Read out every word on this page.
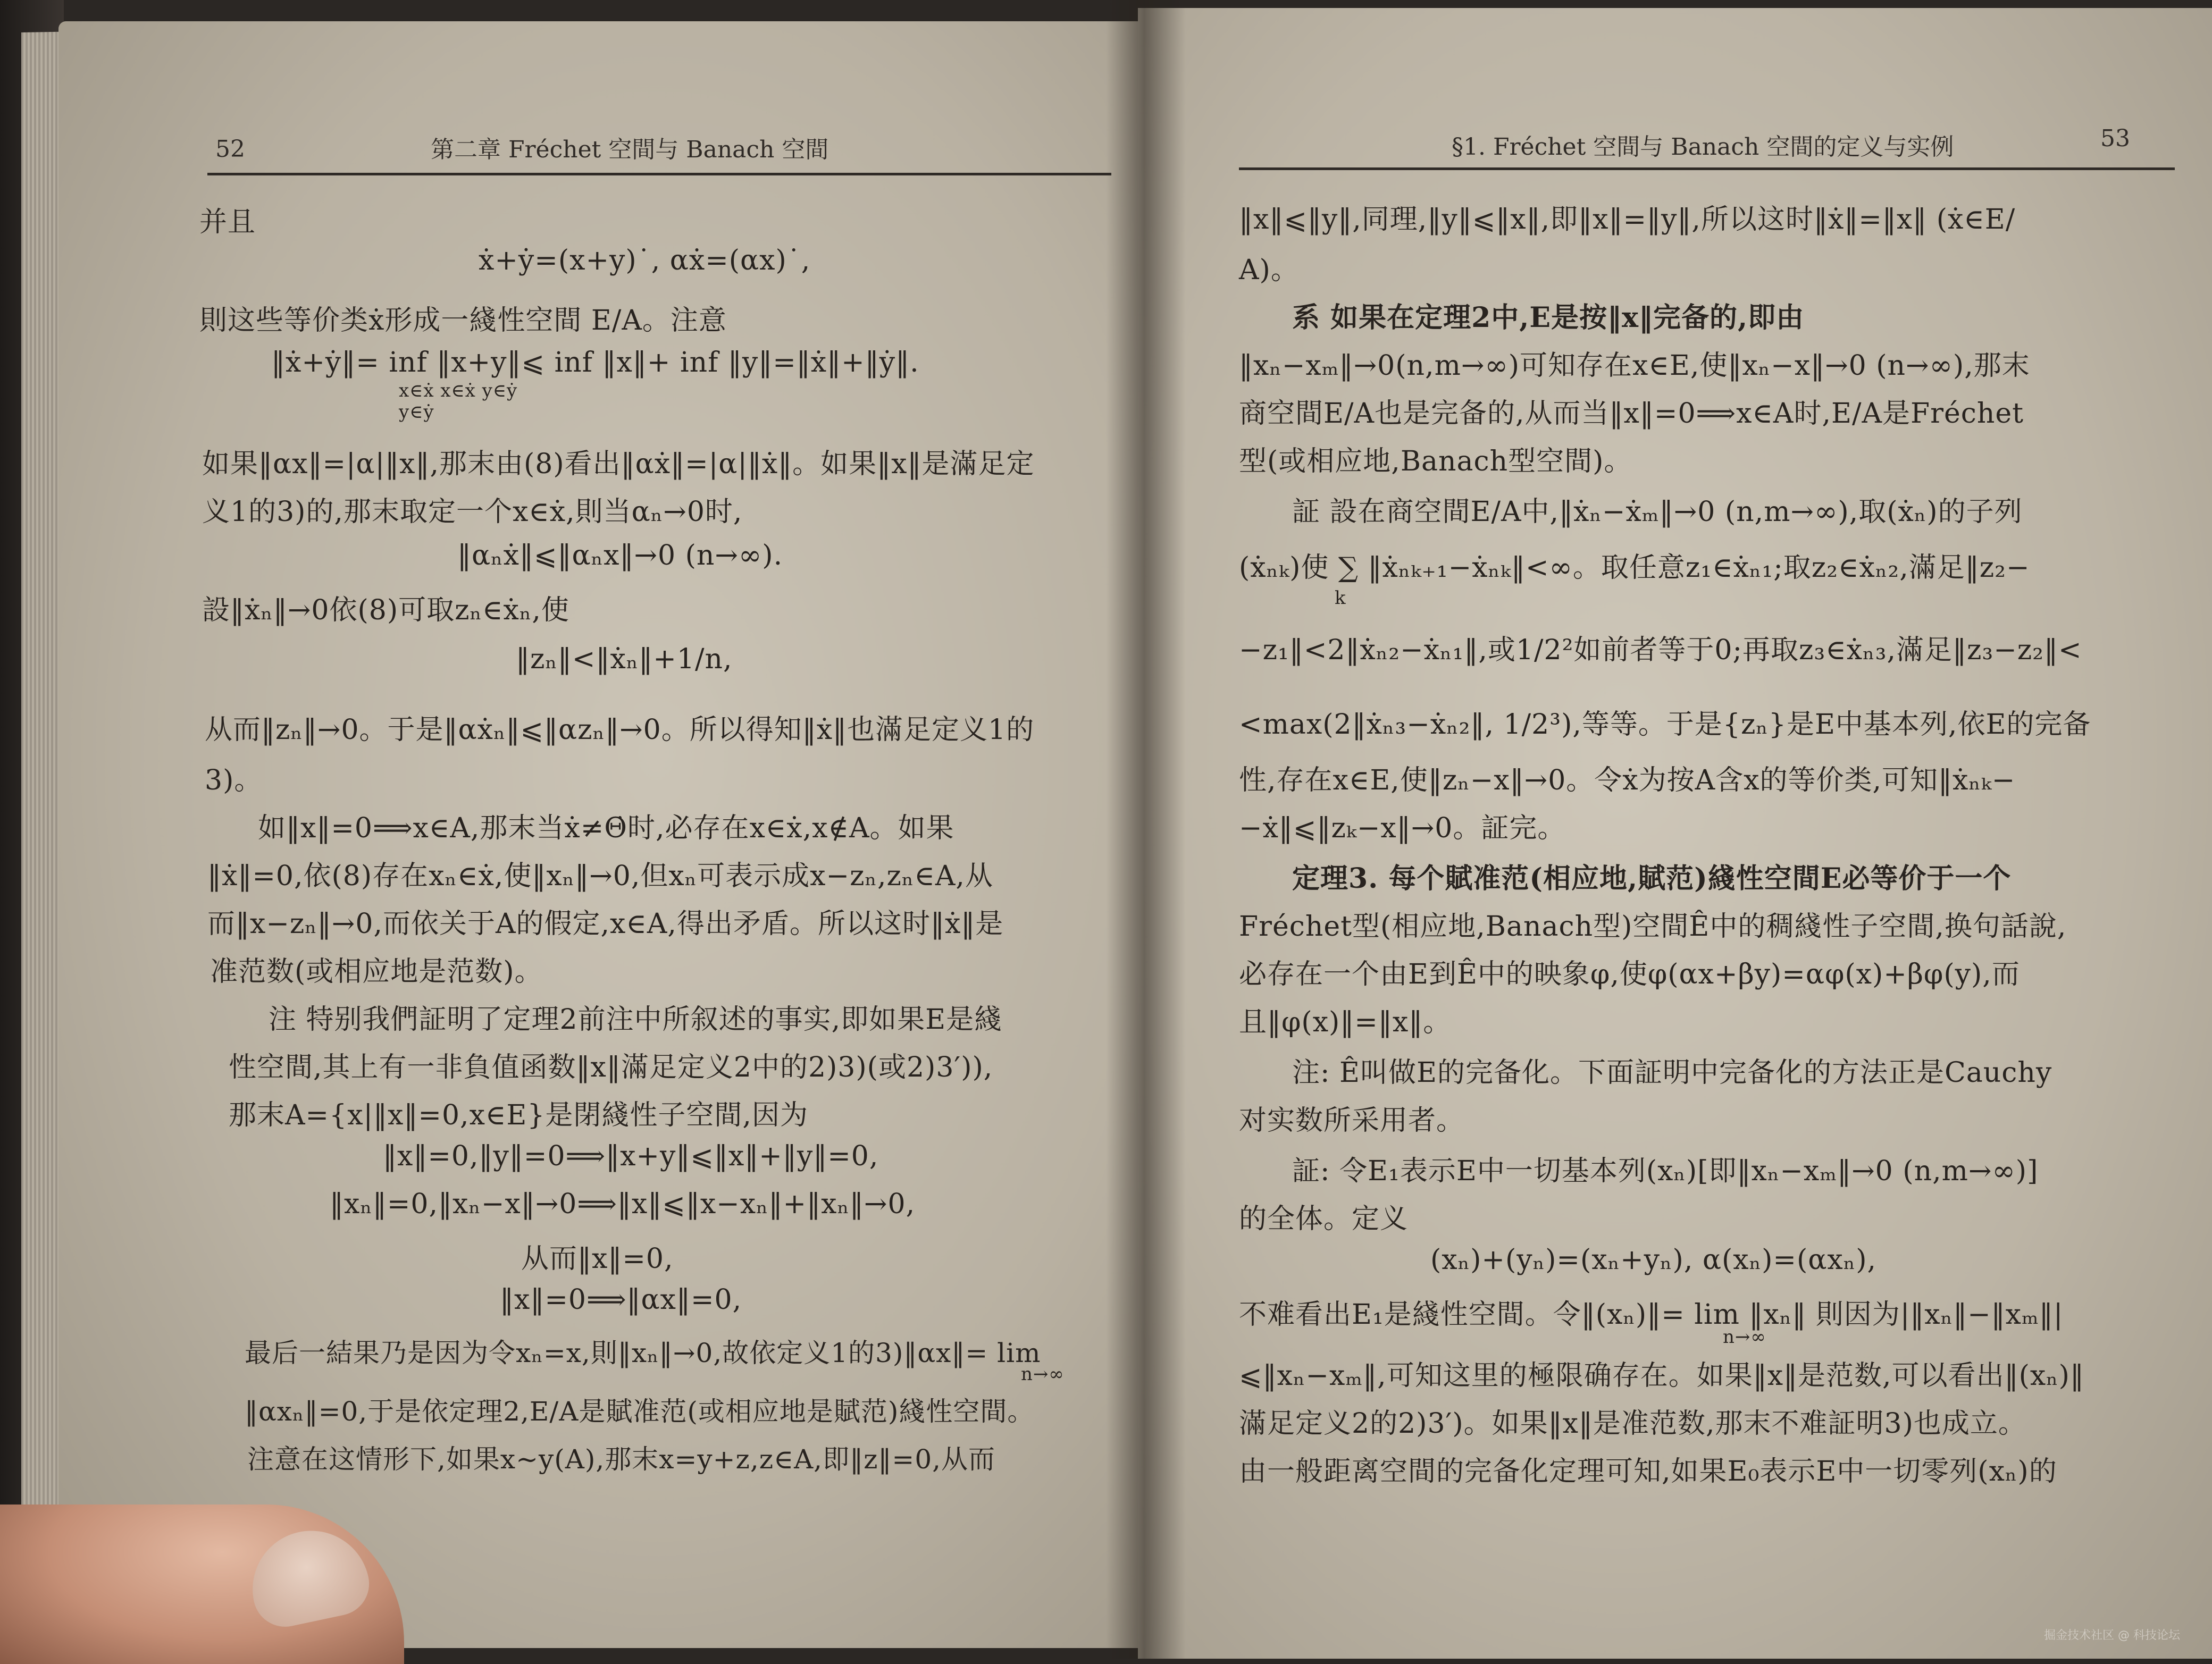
52	第二章 Fréchet 空間与 Banach 空間
并且
ẋ+ẏ=(x+y)˙, αẋ=(αx)˙,
則这些等价类ẋ形成一綫性空間 E/A。注意
‖ẋ+ẏ‖= inf ‖x+y‖⩽ inf ‖x‖+ inf ‖y‖=‖ẋ‖+‖ẏ‖.
x∈ẋ x∈ẋ y∈ẏ
y∈ẏ
如果‖αx‖=|α|‖x‖,那末由(8)看出‖αẋ‖=|α|‖ẋ‖。如果‖x‖是滿足定
义1的3)的,那末取定一个x∈ẋ,則当αₙ→0时,
‖αₙẋ‖⩽‖αₙx‖→0 (n→∞).
設‖ẋₙ‖→0依(8)可取zₙ∈ẋₙ,使
‖zₙ‖<‖ẋₙ‖+1/n,
从而‖zₙ‖→0。于是‖αẋₙ‖⩽‖αzₙ‖→0。所以得知‖ẋ‖也滿足定义1的
3)。
如‖x‖=0⟹x∈A,那末当ẋ≠Θ̇时,必存在x∈ẋ,x∉A。如果
‖ẋ‖=0,依(8)存在xₙ∈ẋ,使‖xₙ‖→0,但xₙ可表示成x−zₙ,zₙ∈A,从
而‖x−zₙ‖→0,而依关于A的假定,x∈A,得出矛盾。所以这时‖ẋ‖是
准范数(或相应地是范数)。
注 特别我們証明了定理2前注中所叙述的事实,即如果E是綫
性空間,其上有一非負值函数‖x‖滿足定义2中的2)3)(或2)3′)),
那末A={x|‖x‖=0,x∈E}是閉綫性子空間,因为
‖x‖=0,‖y‖=0⟹‖x+y‖⩽‖x‖+‖y‖=0,
‖xₙ‖=0,‖xₙ−x‖→0⟹‖x‖⩽‖x−xₙ‖+‖xₙ‖→0,
从而‖x‖=0,
‖x‖=0⟹‖αx‖=0,
最后一結果乃是因为令xₙ=x,則‖xₙ‖→0,故依定义1的3)‖αx‖= lim
n→∞
‖αxₙ‖=0,于是依定理2,E/A是賦准范(或相应地是賦范)綫性空間。
注意在这情形下,如果x∼y(A),那末x=y+z,z∈A,即‖z‖=0,从而
§1. Fréchet 空間与 Banach 空間的定义与实例	53
‖x‖⩽‖y‖,同理,‖y‖⩽‖x‖,即‖x‖=‖y‖,所以这时‖ẋ‖=‖x‖ (ẋ∈E/
A)。
系 如果在定理2中,E是按‖x‖完备的,即由
‖xₙ−xₘ‖→0(n,m→∞)可知存在x∈E,使‖xₙ−x‖→0 (n→∞),那末
商空間E/A也是完备的,从而当‖x‖=0⟹x∈A时,E/A是Fréchet
型(或相应地,Banach型空間)。
証 設在商空間E/A中,‖ẋₙ−ẋₘ‖→0 (n,m→∞),取(ẋₙ)的子列
(ẋₙₖ)使 ∑ ‖ẋₙₖ₊₁−ẋₙₖ‖<∞。取任意z₁∈ẋₙ₁;取z₂∈ẋₙ₂,滿足‖z₂−
k
−z₁‖<2‖ẋₙ₂−ẋₙ₁‖,或1/2²如前者等于0;再取z₃∈ẋₙ₃,滿足‖z₃−z₂‖<
<max(2‖ẋₙ₃−ẋₙ₂‖, 1/2³),等等。于是{zₙ}是E中基本列,依E的完备
性,存在x∈E,使‖zₙ−x‖→0。令ẋ为按A含x的等价类,可知‖ẋₙₖ−
−ẋ‖⩽‖zₖ−x‖→0。証完。
定理3. 每个賦准范(相应地,賦范)綫性空間E必等价于一个
Fréchet型(相应地,Banach型)空間Ê中的稠綫性子空間,换句話說,
必存在一个由E到Ê中的映象φ,使φ(αx+βy)=αφ(x)+βφ(y),而
且‖φ(x)‖=‖x‖。
注: Ê叫做E的完备化。下面証明中完备化的方法正是Cauchy
对实数所采用者。
証: 令E₁表示E中一切基本列(xₙ)[即‖xₙ−xₘ‖→0 (n,m→∞)]
的全体。定义
(xₙ)+(yₙ)=(xₙ+yₙ), α(xₙ)=(αxₙ),
不难看出E₁是綫性空間。令‖(xₙ)‖= lim ‖xₙ‖ 則因为|‖xₙ‖−‖xₘ‖|
n→∞
⩽‖xₙ−xₘ‖,可知这里的極限确存在。如果‖x‖是范数,可以看出‖(xₙ)‖
滿足定义2的2)3′)。如果‖x‖是准范数,那末不难証明3)也成立。
由一般距离空間的完备化定理可知,如果E₀表示E中一切零列(xₙ)的
掘金技术社区 @ 科技论坛
